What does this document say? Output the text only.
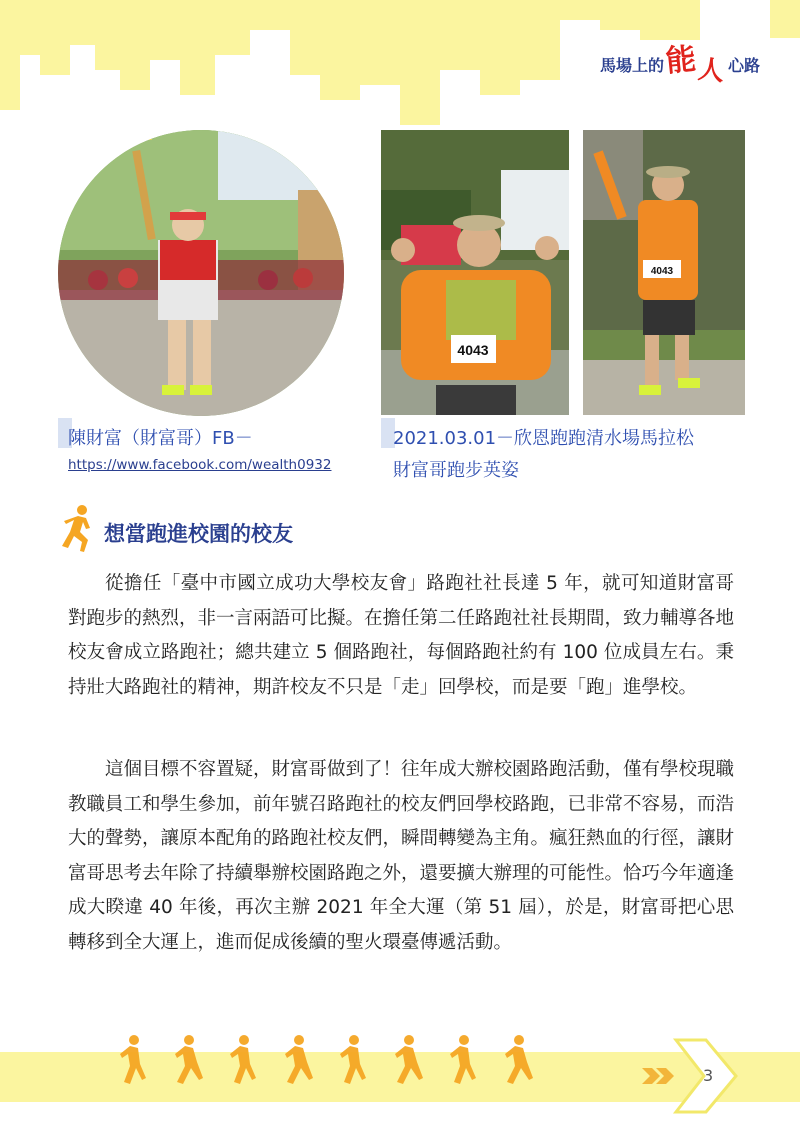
馬場上的 能
人 心路
4043
4043
陳財富（財富哥）FB－
https://www.facebook.com/wealth0932
2021.03.01－欣恩跑跑清水場馬拉松
財富哥跑步英姿
想當跑進校園的校友

從擔任「臺中市國立成功大學校友會」路跑社社長達 5 年，就可知道財富哥對跑步的熱烈，非一言兩語可比擬。在擔任第二任路跑社社長期間，致力輔導各地校友會成立路跑社；總共建立 5 個路跑社，每個路跑社約有 100 位成員左右。秉持壯大路跑社的精神，期許校友不只是「走」回學校，而是要「跑」進學校。

這個目標不容置疑，財富哥做到了！往年成大辦校園路跑活動，僅有學校現職教職員工和學生參加，前年號召路跑社的校友們回學校路跑，已非常不容易，而浩大的聲勢，讓原本配角的路跑社校友們，瞬間轉變為主角。瘋狂熱血的行徑，讓財富哥思考去年除了持續舉辦校園路跑之外，還要擴大辦理的可能性。恰巧今年適逢成大睽違 40 年後，再次主辦 2021 年全大運（第 51 屆），於是，財富哥把心思轉移到全大運上，進而促成後續的聖火環臺傳遞活動。

3
